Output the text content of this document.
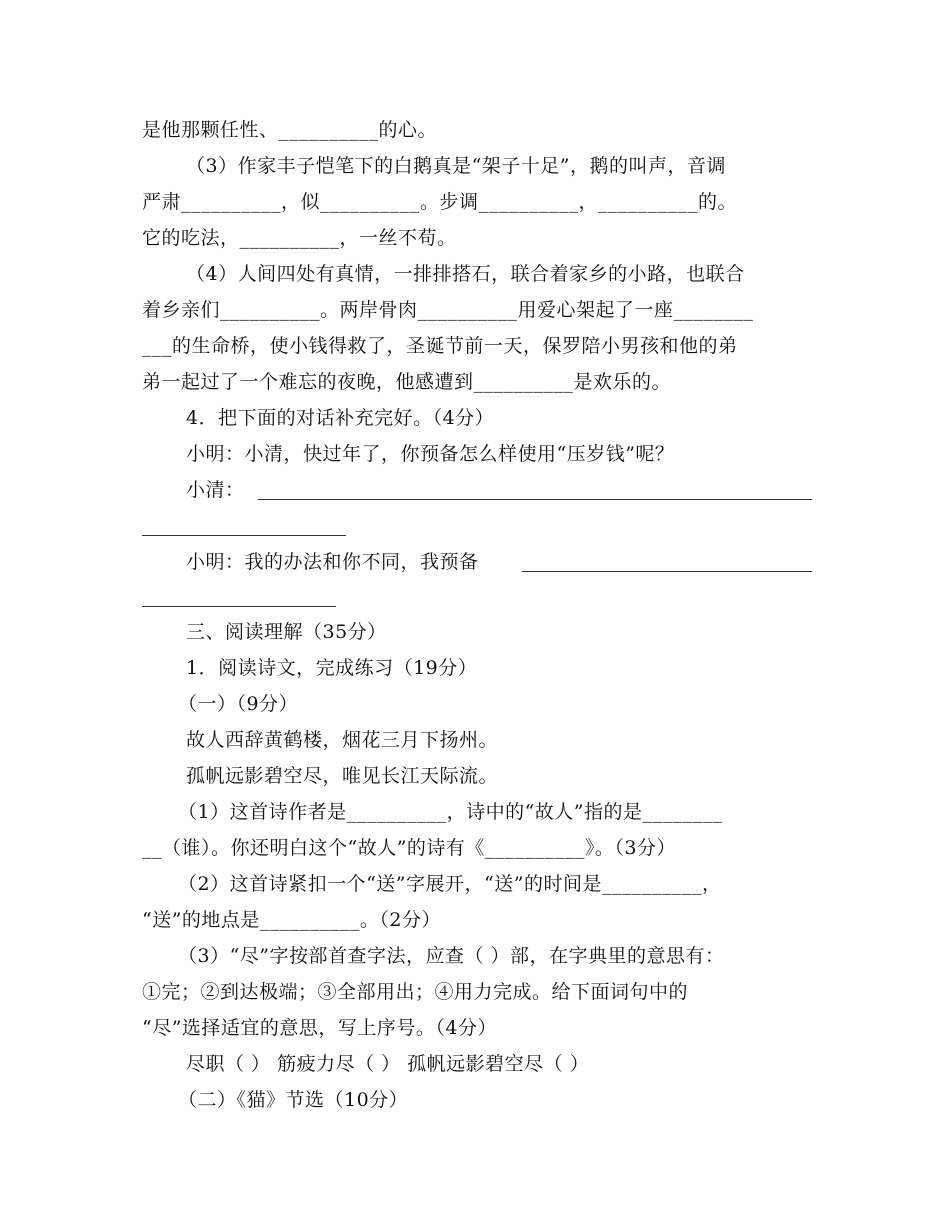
是他那颗任性、__________的心。
（3）作家丰子恺笔下的白鹅真是“架子十足”，鹅的叫声，音调
严肃__________，似__________。步调__________，__________的。
它的吃法，__________，一丝不苟。
（4）人间四处有真情，一排排搭石，联合着家乡的小路，也联合
着乡亲们__________。两岸骨肉__________用爱心架起了一座________
___的生命桥，使小钱得救了，圣诞节前一天，保罗陪小男孩和他的弟
弟一起过了一个难忘的夜晚，他感遭到__________是欢乐的。
4．把下面的对话补充完好。（4分）
小明：小清，快过年了，你预备怎么样使用“压岁钱”呢？
小清：
小明：我的办法和你不同，我预备
三、阅读理解（35分）
1．阅读诗文，完成练习（19分）
（一）（9分）
故人西辞黄鹤楼，烟花三月下扬州。
孤帆远影碧空尽，唯见长江天际流。
（1）这首诗作者是__________，诗中的“故人”指的是________
__（谁）。你还明白这个“故人”的诗有《__________》。（3分）
（2）这首诗紧扣一个“送”字展开，“送”的时间是__________，
“送”的地点是__________。（2分）
（3）“尽”字按部首查字法，应查（ ）部，在字典里的意思有：
①完；②到达极端；③全部用出；④用力完成。给下面词句中的
“尽”选择适宜的意思，写上序号。（4分）
尽职（ ） 筋疲力尽（ ） 孤帆远影碧空尽（ ）
（二）《猫》节选（10分）
